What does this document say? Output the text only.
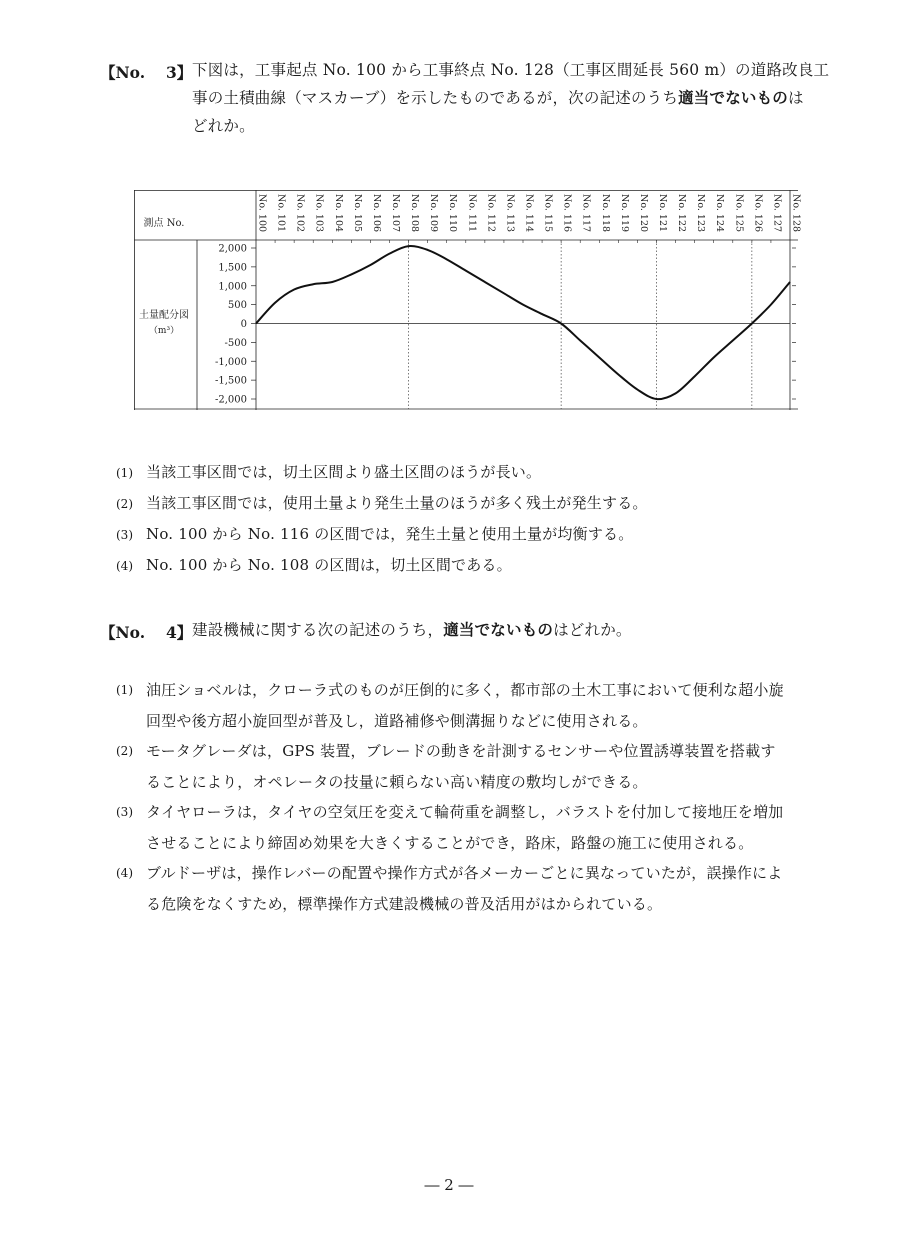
【No.　 3】 下図は，工事起点 No. 100 から工事終点 No. 128（工事区間延長 560 m）の道路改良工
事の土積曲線（マスカーブ）を示したものであるが，次の記述のうち適当でないものは
どれか。
No. 100 No. 101 No. 102 No. 103 No. 104 No. 105 No. 106 No. 107 No. 108 No. 109 No. 110 No. 111 No. 112 No. 113 No. 114 No. 115 No. 116 No. 117 No. 118 No. 119 No. 120 No. 121 No. 122 No. 123 No. 124 No. 125 No. 126 No. 127 No. 128
2,000
1,500
1,000
500
0
-500
-1,000
-1,500
-2,000
測点 No.
土量配分図
（m³）
(1) 当該工事区間では，切土区間より盛土区間のほうが長い。
(2) 当該工事区間では，使用土量より発生土量のほうが多く残土が発生する。
(3) No. 100 から No. 116 の区間では，発生土量と使用土量が均衡する。
(4) No. 100 から No. 108 の区間は，切土区間である。
【No.　 4】 建設機械に関する次の記述のうち，適当でないものはどれか。
(1) 油圧ショベルは，クローラ式のものが圧倒的に多く，都市部の土木工事において便利な超小旋
回型や後方超小旋回型が普及し，道路補修や側溝掘りなどに使用される。
(2) モータグレーダは，GPS 装置，ブレードの動きを計測するセンサーや位置誘導装置を搭載す
ることにより，オペレータの技量に頼らない高い精度の敷均しができる。
(3) タイヤローラは，タイヤの空気圧を変えて輪荷重を調整し，バラストを付加して接地圧を増加
させることにより締固め効果を大きくすることができ，路床，路盤の施工に使用される。
(4) ブルドーザは，操作レバーの配置や操作方式が各メーカーごとに異なっていたが，誤操作によ
る危険をなくすため，標準操作方式建設機械の普及活用がはかられている。
― 2 ―
